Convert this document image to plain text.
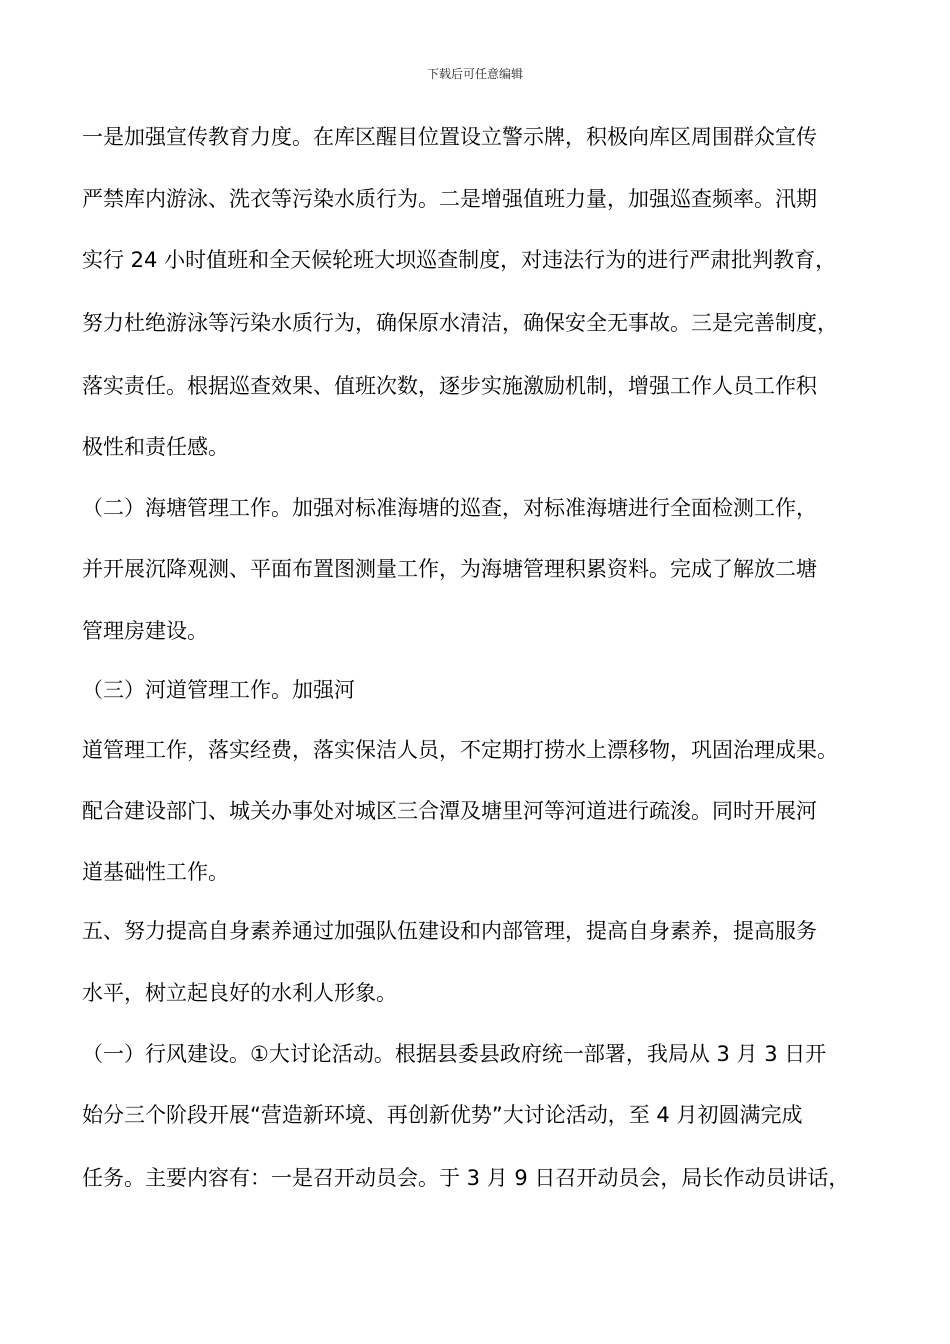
下载后可任意编辑
一是加强宣传教育力度。在库区醒目位置设立警示牌，积极向库区周围群众宣传
严禁库内游泳、洗衣等污染水质行为。二是增强值班力量，加强巡查频率。汛期
实行 24 小时值班和全天候轮班大坝巡查制度，对违法行为的进行严肃批判教育，
努力杜绝游泳等污染水质行为，确保原水清洁，确保安全无事故。三是完善制度，
落实责任。根据巡查效果、值班次数，逐步实施激励机制，增强工作人员工作积
极性和责任感。
（二）海塘管理工作。加强对标准海塘的巡查，对标准海塘进行全面检测工作，
并开展沉降观测、平面布置图测量工作，为海塘管理积累资料。完成了解放二塘
管理房建设。
（三）河道管理工作。加强河
道管理工作，落实经费，落实保洁人员，不定期打捞水上漂移物，巩固治理成果。
配合建设部门、城关办事处对城区三合潭及塘里河等河道进行疏浚。同时开展河
道基础性工作。
五、努力提高自身素养通过加强队伍建设和内部管理，提高自身素养，提高服务
水平，树立起良好的水利人形象。
（一）行风建设。①大讨论活动。根据县委县政府统一部署，我局从 3 月 3 日开
始分三个阶段开展“营造新环境、再创新优势”大讨论活动，至 4 月初圆满完成
任务。主要内容有：一是召开动员会。于 3 月 9 日召开动员会，局长作动员讲话，
